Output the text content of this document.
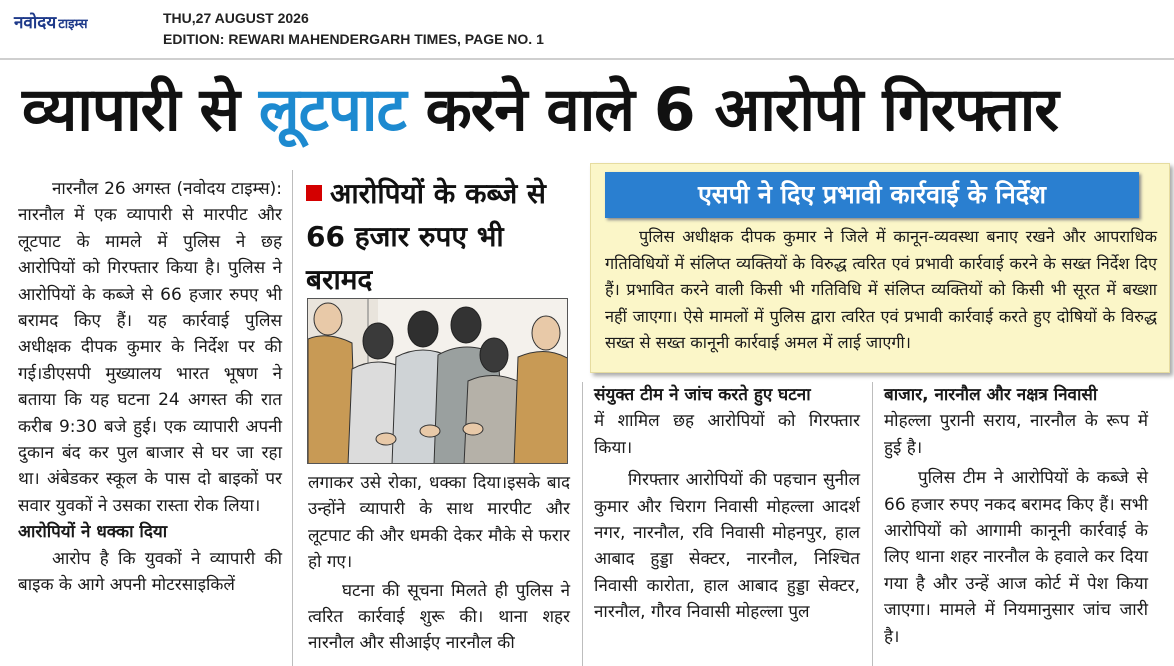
नवोदय टाइम्स	THU,27 AUGUST 2026
EDITION: REWARI MAHENDERGARH TIMES, PAGE NO. 1
व्यापारी से लूटपाट करने वाले 6 आरोपी गिरफ्तार

नारनौल 26 अगस्त (नवोदय टाइम्स): नारनौल में एक व्यापारी से मारपीट और लूटपाट के मामले में पुलिस ने छह आरोपियों को गिरफ्तार किया है। पुलिस ने आरोपियों के कब्जे से 66 हजार रुपए भी बरामद किए हैं। यह कार्रवाई पुलिस अधीक्षक दीपक कुमार के निर्देश पर की गई।डीएसपी मुख्यालय भारत भूषण ने बताया कि यह घटना 24 अगस्त की रात करीब 9:30 बजे हुई। एक व्यापारी अपनी दुकान बंद कर पुल बाजार से घर जा रहा था। अंबेडकर स्कूल के पास दो बाइकों पर सवार युवकों ने उसका रास्ता रोक लिया।

आरोपियों ने धक्का दिया

आरोप है कि युवकों ने व्यापारी की बाइक के आगे अपनी मोटरसाइकिलें

आरोपियों के कब्जे से 66 हजार रुपए भी बरामद

लगाकर उसे रोका, धक्का दिया।इसके बाद उन्होंने व्यापारी के साथ मारपीट और लूटपाट की और धमकी देकर मौके से फरार हो गए।

घटना की सूचना मिलते ही पुलिस ने त्वरित कार्रवाई शुरू की। थाना शहर नारनौल और सीआईए नारनौल की

एसपी ने दिए प्रभावी कार्रवाई के निर्देश
पुलिस अधीक्षक दीपक कुमार ने जिले में कानून-व्यवस्था बनाए रखने और आपराधिक गतिविधियों में संलिप्त व्यक्तियों के विरुद्ध त्वरित एवं प्रभावी कार्रवाई करने के सख्त निर्देश दिए हैं। प्रभावित करने वाली किसी भी गतिविधि में संलिप्त व्यक्तियों को किसी भी सूरत में बख्शा नहीं जाएगा। ऐसे मामलों में पुलिस द्वारा त्वरित एवं प्रभावी कार्रवाई करते हुए दोषियों के विरुद्ध सख्त से सख्त कानूनी कार्रवाई अमल में लाई जाएगी।

संयुक्त टीम ने जांच करते हुए घटना

में शामिल छह आरोपियों को गिरफ्तार किया।

गिरफ्तार आरोपियों की पहचान सुनील कुमार और चिराग निवासी मोहल्ला आदर्श नगर, नारनौल, रवि निवासी मोहनपुर, हाल आबाद हुड्डा सेक्टर, नारनौल, निश्चित निवासी कारोता, हाल आबाद हुड्डा सेक्टर, नारनौल, गौरव निवासी मोहल्ला पुल

बाजार, नारनौल और नक्षत्र निवासी

मोहल्ला पुरानी सराय, नारनौल के रूप में हुई है।

पुलिस टीम ने आरोपियों के कब्जे से 66 हजार रुपए नकद बरामद किए हैं। सभी आरोपियों को आगामी कानूनी कार्रवाई के लिए थाना शहर नारनौल के हवाले कर दिया गया है और उन्हें आज कोर्ट में पेश किया जाएगा। मामले में नियमानुसार जांच जारी है।
